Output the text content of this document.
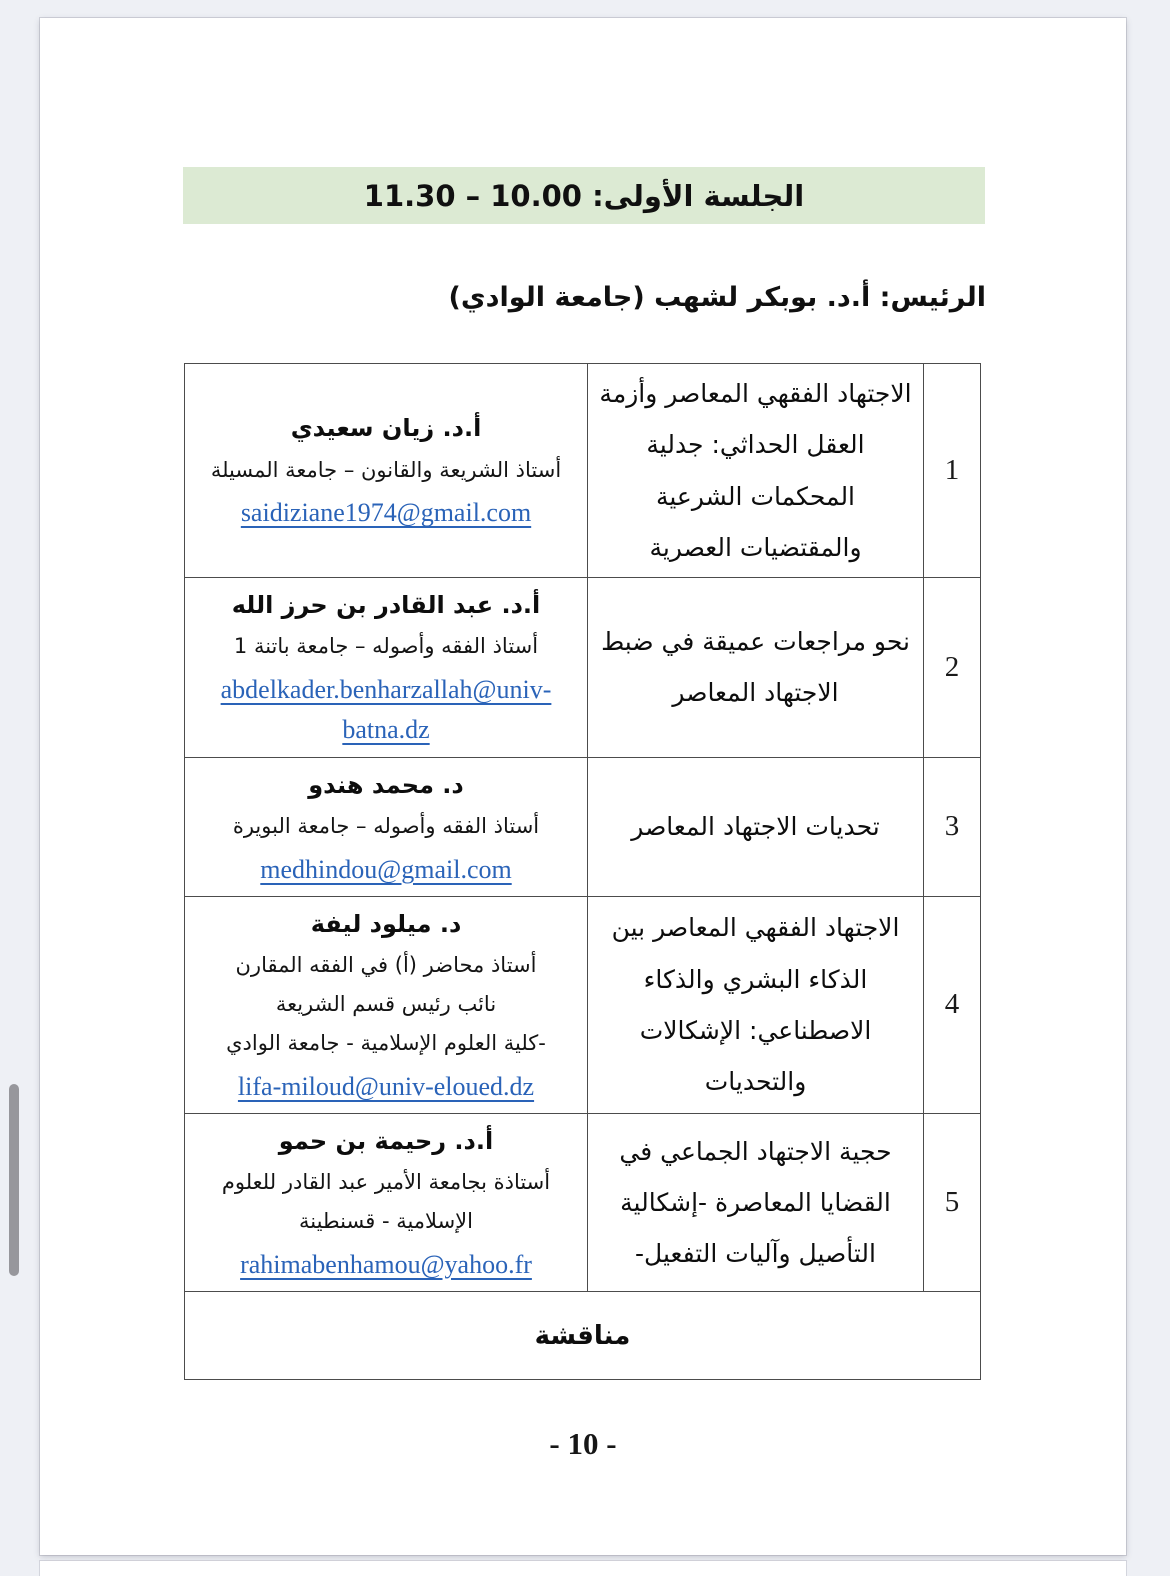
الجلسة الأولى: 10.00 – 11.30
الرئيس: أ.د. بوبكر لشهب (جامعة الوادي)
1	الاجتهاد الفقهي المعاصر وأزمة العقل الحداثي: جدلية المحكمات الشرعية والمقتضيات العصرية	أ.د. زيان سعيدي
أستاذ الشريعة والقانون – جامعة المسيلة
saidiziane1974@gmail.com

2	نحو مراجعات عميقة في ضبط الاجتهاد المعاصر	أ.د. عبد القادر بن حرز الله
أستاذ الفقه وأصوله – جامعة باتنة 1
abdelkader.benharzallah@univ-batna.dz

3	تحديات الاجتهاد المعاصر	د. محمد هندو
أستاذ الفقه وأصوله – جامعة البويرة
medhindou@gmail.com

4	الاجتهاد الفقهي المعاصر بين الذكاء البشري والذكاء الاصطناعي: الإشكالات والتحديات	د. ميلود ليفة
أستاذ محاضر (أ) في الفقه المقارن
نائب رئيس قسم الشريعة
-كلية العلوم الإسلامية - جامعة الوادي
lifa-miloud@univ-eloued.dz

5	حجية الاجتهاد الجماعي في القضايا المعاصرة -إشكالية التأصيل وآليات التفعيل-	أ.د. رحيمة بن حمو
أستاذة بجامعة الأمير عبد القادر للعلوم
الإسلامية - قسنطينة
rahimabenhamou@yahoo.fr

مناقشة		
- 10 -
